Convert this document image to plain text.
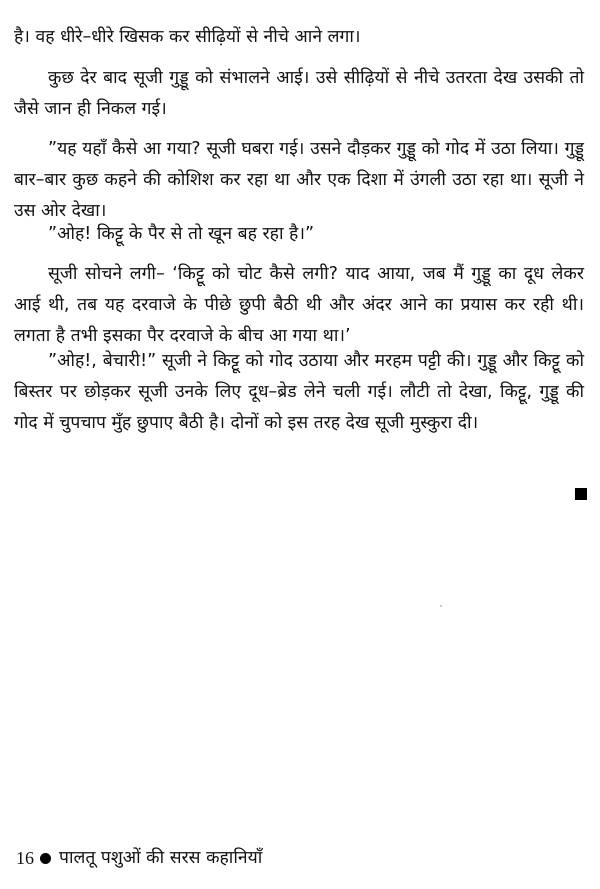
है। वह धीरे–धीरे खिसक कर सीढ़ियों से नीचे आने लगा।

कुछ देर बाद सूजी गुड्डू को संभालने आई। उसे सीढ़ियों से नीचे उतरता देख उसकी तो जैसे जान ही निकल गई।

”यह यहाँ कैसे आ गया? सूजी घबरा गई। उसने दौड़कर गुड्डू को गोद में उठा लिया। गुड्डू बार–बार कुछ कहने की कोशिश कर रहा था और एक दिशा में उंगली उठा रहा था। सूजी ने उस ओर देखा।

”ओह! किट्टू के पैर से तो खून बह रहा है।”

सूजी सोचने लगी– ‘किट्टू को चोट कैसे लगी? याद आया, जब मैं गुड्डू का दूध लेकर आई थी, तब यह दरवाजे के पीछे छुपी बैठी थी और अंदर आने का प्रयास कर रही थी। लगता है तभी इसका पैर दरवाजे के बीच आ गया था।’

”ओह!, बेचारी!” सूजी ने किट्टू को गोद उठाया और मरहम पट्टी की। गुड्डू और किट्टू को बिस्तर पर छोड़कर सूजी उनके लिए दूध–ब्रेड लेने चली गई। लौटी तो देखा, किट्टू, गुड्डू की गोद में चुपचाप मुँह छुपाए बैठी है। दोनों को इस तरह देख सूजी मुस्कुरा दी।

16 पालतू पशुओं की सरस कहानियाँ
